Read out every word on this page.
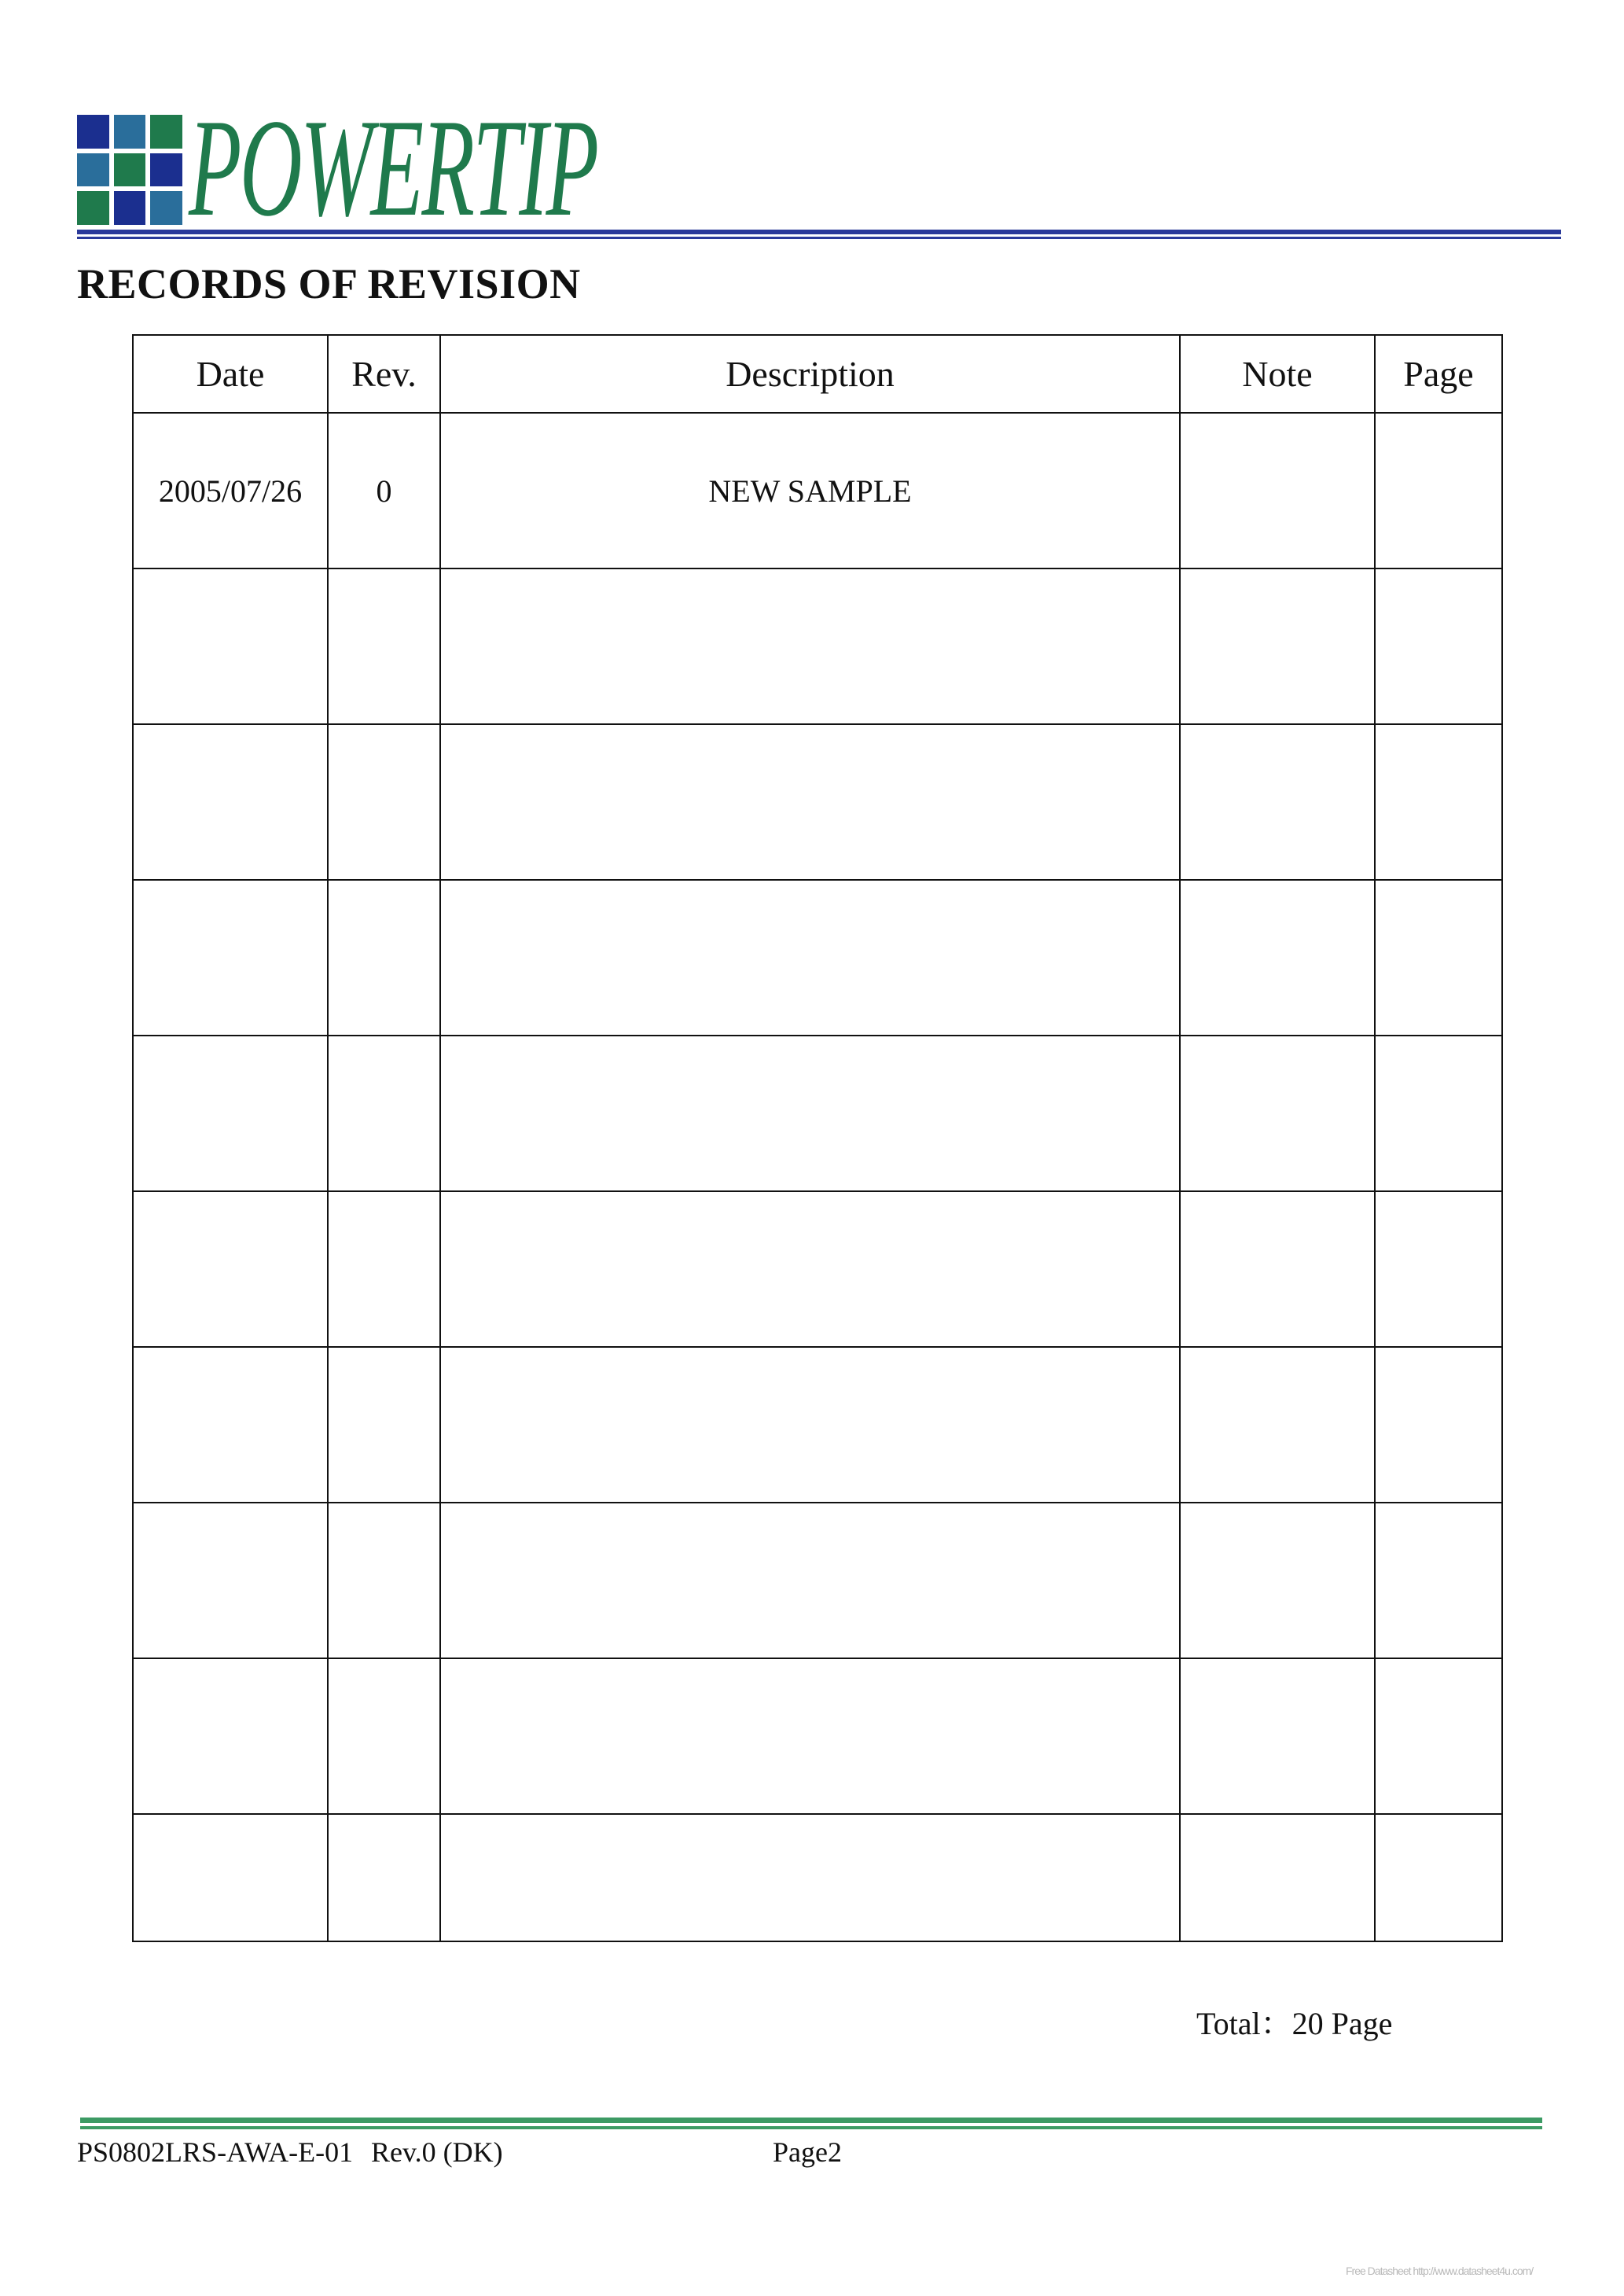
POWERTIP
RECORDS OF REVISION
Date	Rev.	Description	Note	Page
2005/07/26	0	NEW SAMPLE		

Total：20 Page
PS0802LRS-AWA-E-01 Rev.0 (DK)	Page2
Free Datasheet http://www.datasheet4u.com/
